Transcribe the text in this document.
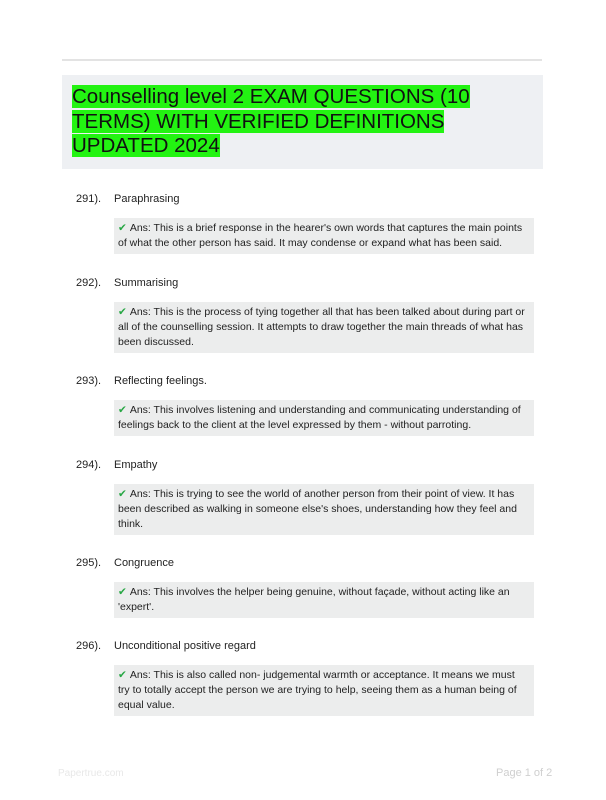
Counselling level 2 EXAM QUESTIONS (10 TERMS) WITH VERIFIED DEFINITIONS UPDATED 2024
291). Paraphrasing
✔ Ans: This is a brief response in the hearer's own words that captures the main points of what the other person has said. It may condense or expand what has been said.
292). Summarising
✔ Ans: This is the process of tying together all that has been talked about during part or all of the counselling session. It attempts to draw together the main threads of what has been discussed.
293). Reflecting feelings.
✔ Ans: This involves listening and understanding and communicating understanding of feelings back to the client at the level expressed by them - without parroting.
294). Empathy
✔ Ans: This is trying to see the world of another person from their point of view. It has been described as walking in someone else's shoes, understanding how they feel and think.
295). Congruence
✔ Ans: This involves the helper being genuine, without façade, without acting like an 'expert'.
296). Unconditional positive regard
✔ Ans: This is also called non- judgemental warmth or acceptance. It means we must try to totally accept the person we are trying to help, seeing them as a human being of equal value.
Papertrue.com	Page 1 of 2
